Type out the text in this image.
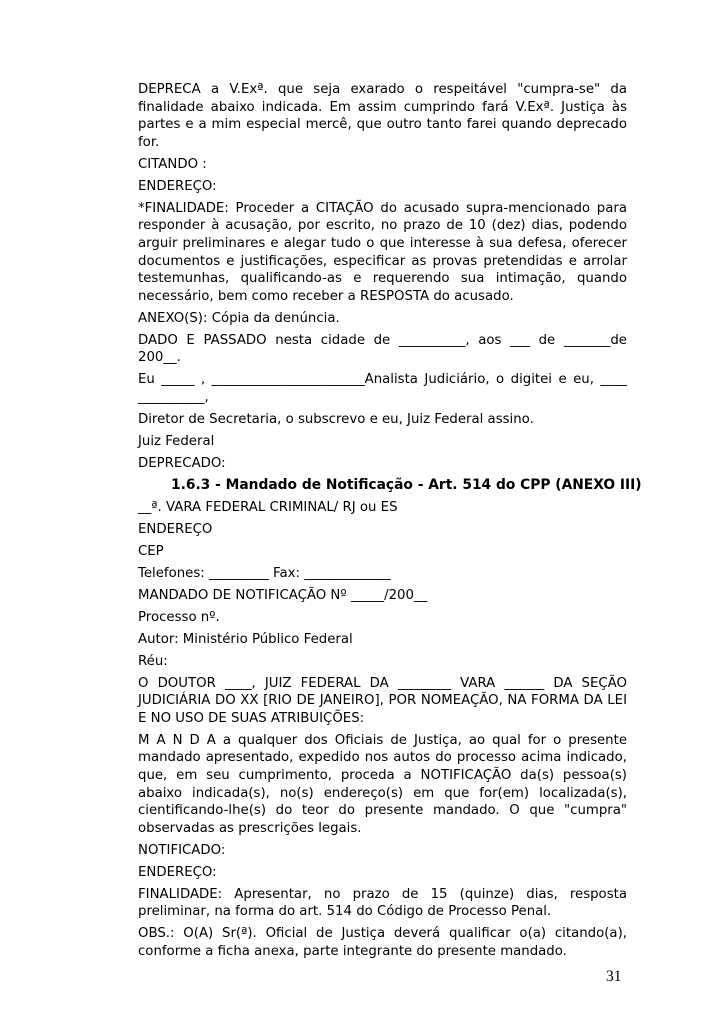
DEPRECA a V.Exª. que seja exarado o respeitável "cumpra-se" da finalidade abaixo indicada. Em assim cumprindo fará V.Exª. Justiça às partes e a mim especial mercê, que outro tanto farei quando deprecado for.

CITANDO :

ENDEREÇO:

*FINALIDADE: Proceder a CITAÇÃO do acusado supra-mencionado para responder à acusação, por escrito, no prazo de 10 (dez) dias, podendo arguir preliminares e alegar tudo o que interesse à sua defesa, oferecer documentos e justificações, especificar as provas pretendidas e arrolar testemunhas, qualificando-as e requerendo sua intimação, quando necessário, bem como receber a RESPOSTA do acusado.

ANEXO(S): Cópia da denúncia.

DADO E PASSADO nesta cidade de __________, aos ___ de _______de 200__.

Eu _____ , _______________________Analista Judiciário, o digitei e eu, ____ __________,

Diretor de Secretaria, o subscrevo e eu, Juiz Federal assino.

Juiz Federal

DEPRECADO:

1.6.3 - Mandado de Notificação - Art. 514 do CPP (ANEXO III)

__ª. VARA FEDERAL CRIMINAL/ RJ ou ES

ENDEREÇO

CEP

Telefones: _________ Fax: _____________

MANDADO DE NOTIFICAÇÃO Nº _____/200__

Processo nº.

Autor: Ministério Público Federal

Réu:

O DOUTOR ____, JUIZ FEDERAL DA ________ VARA ______ DA SEÇÃO JUDICIÁRIA DO XX [RIO DE JANEIRO], POR NOMEAÇÃO, NA FORMA DA LEI E NO USO DE SUAS ATRIBUIÇÕES:

M A N D A a qualquer dos Oficiais de Justiça, ao qual for o presente mandado apresentado, expedido nos autos do processo acima indicado, que, em seu cumprimento, proceda a NOTIFICAÇÃO da(s) pessoa(s) abaixo indicada(s), no(s) endereço(s) em que for(em) localizada(s), cientificando-lhe(s) do teor do presente mandado. O que "cumpra" observadas as prescrições legais.

NOTIFICADO:

ENDEREÇO:

FINALIDADE: Apresentar, no prazo de 15 (quinze) dias, resposta preliminar, na forma do art. 514 do Código de Processo Penal.

OBS.: O(A) Sr(ª). Oficial de Justiça deverá qualificar o(a) citando(a), conforme a ficha anexa, parte integrante do presente mandado.

31
